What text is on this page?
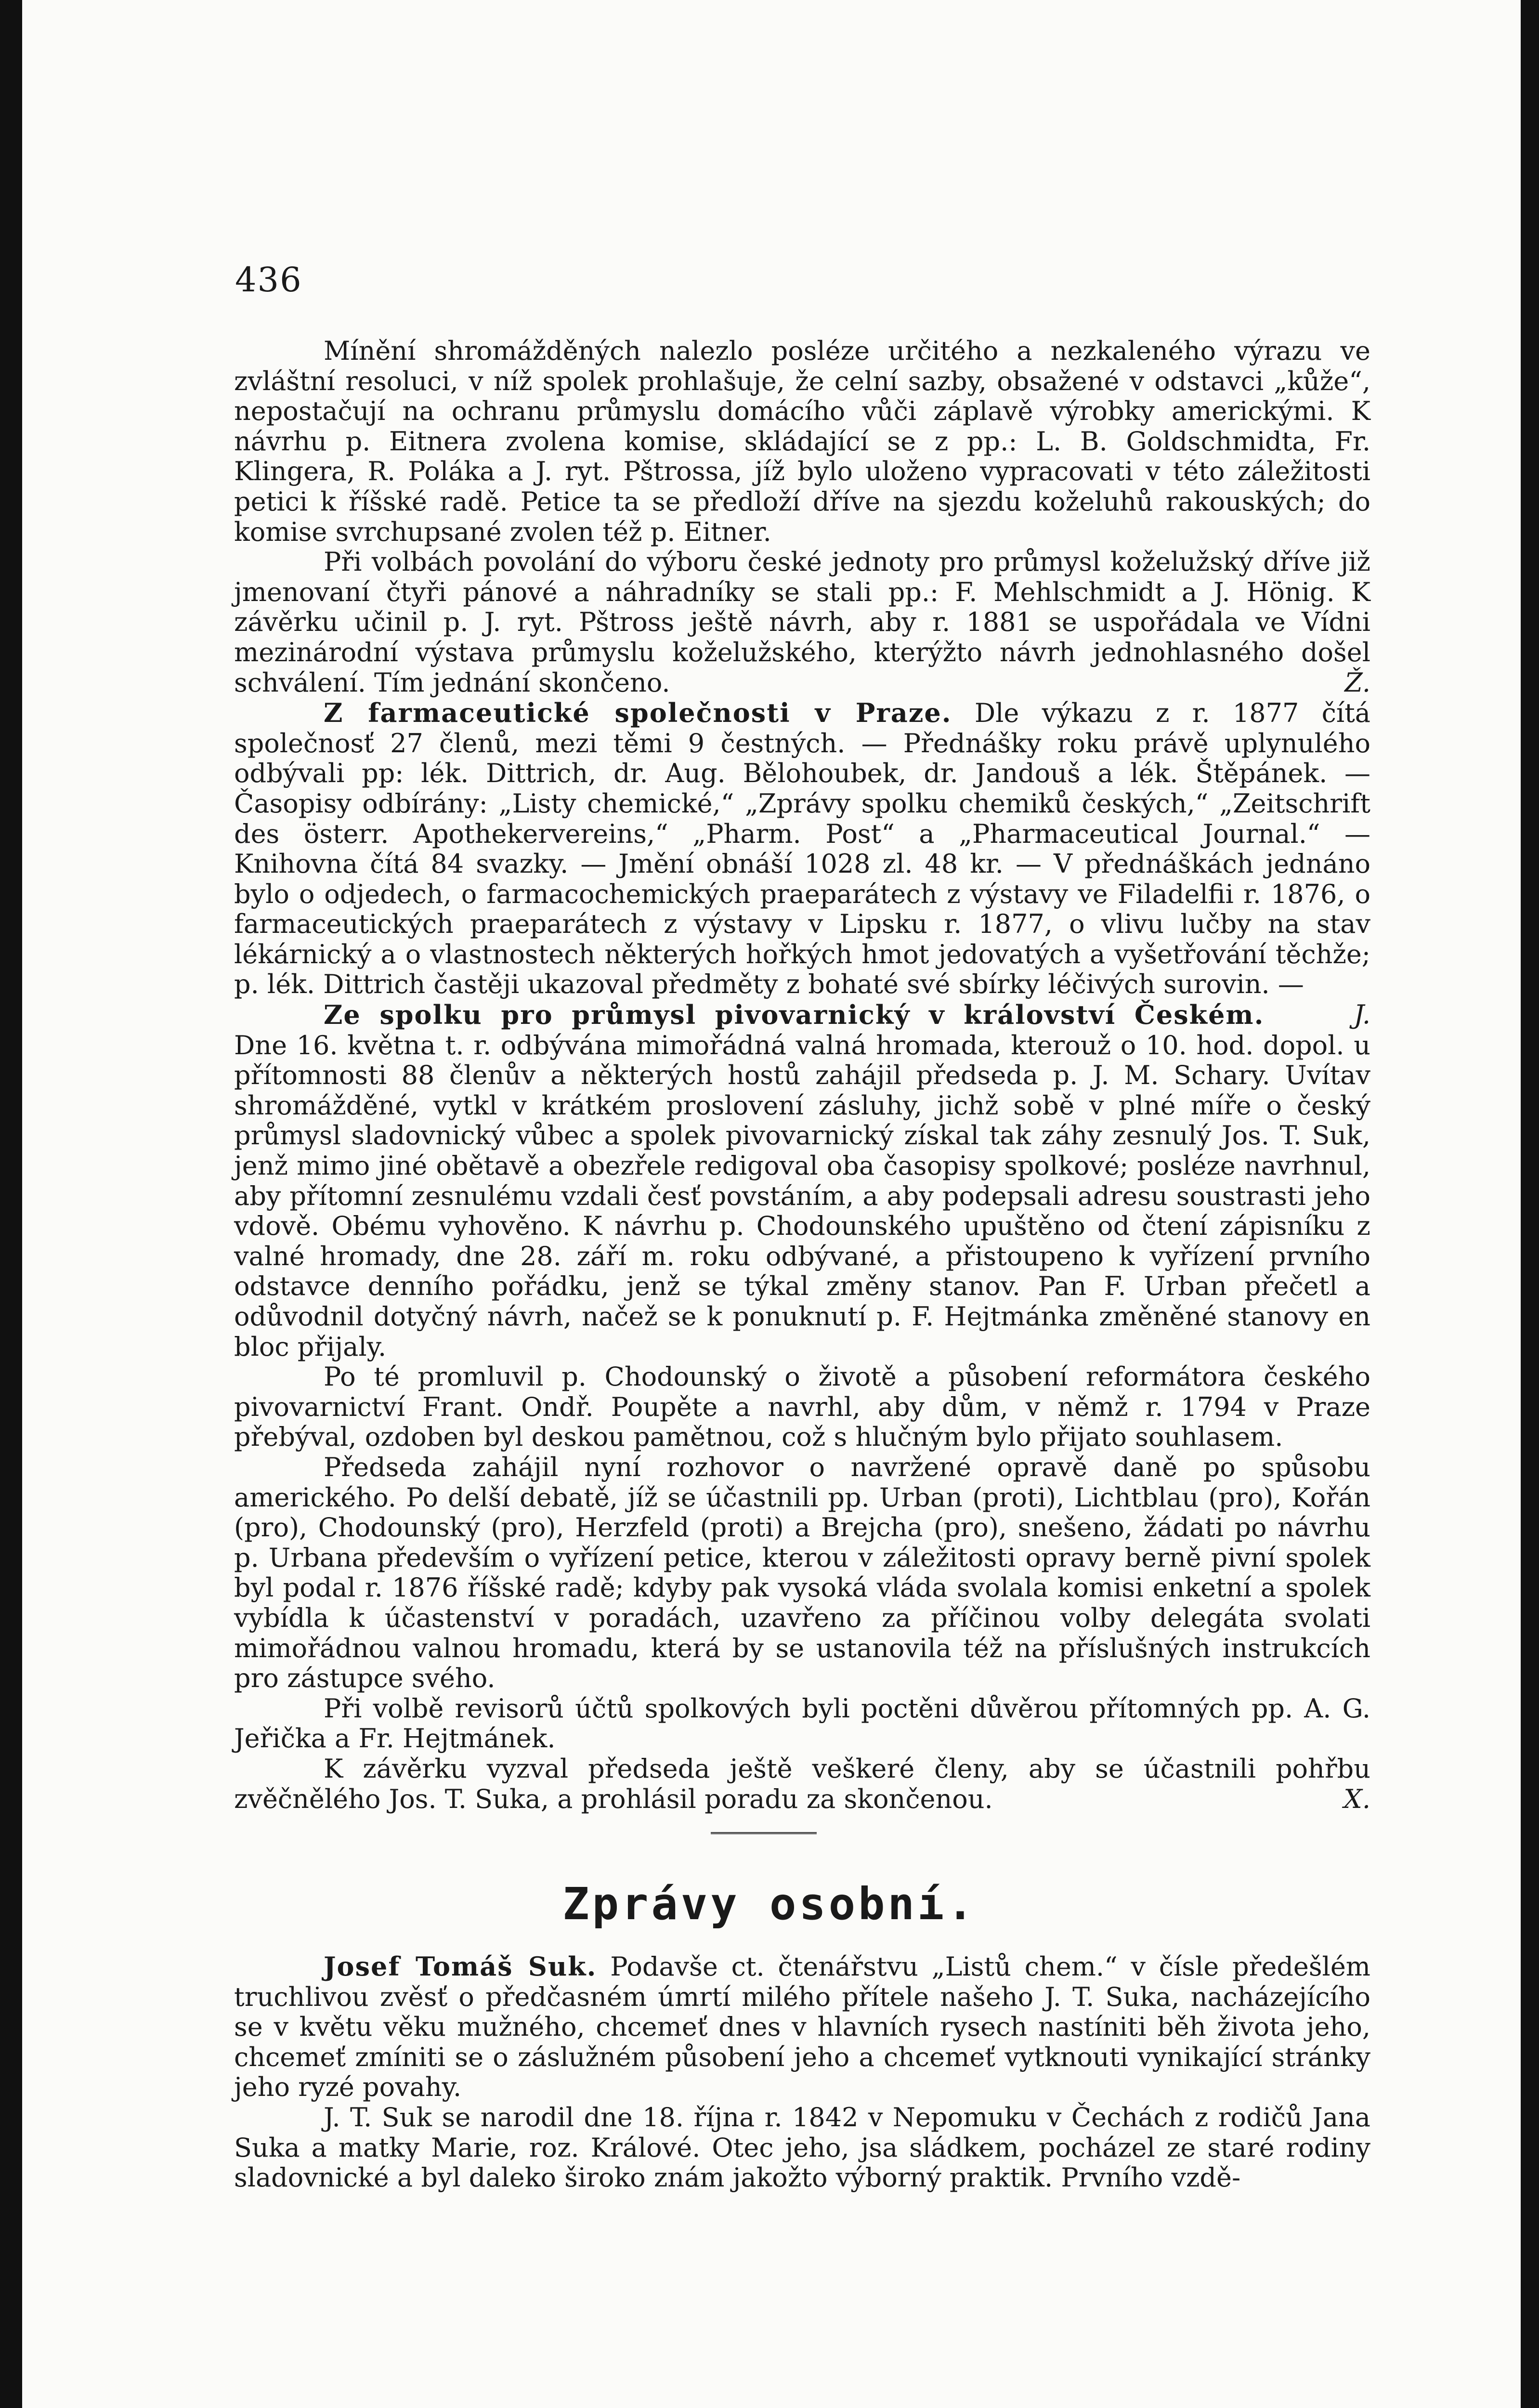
436

Mínění shromážděných nalezlo posléze určitého a nezkaleného výrazu ve zvláštní resoluci, v níž spolek prohlašuje, že celní sazby, obsažené v odstavci „kůže“, nepostačují na ochranu průmyslu domácího vůči záplavě výrobky americkými. K návrhu p. Eitnera zvolena komise, skládající se z pp.: L. B. Goldschmidta, Fr. Klingera, R. Poláka a J. ryt. Pštrossa, jíž bylo uloženo vypracovati v této záležitosti petici k říšské radě. Petice ta se předloží dříve na sjezdu koželuhů rakouských; do komise svrchupsané zvolen též p. Eitner.

Při volbách povolání do výboru české jednoty pro průmysl koželužský dříve již jmenovaní čtyři pánové a náhradníky se stali pp.: F. Mehlschmidt a J. Hönig. K závěrku učinil p. J. ryt. Pštross ještě návrh, aby r. 1881 se uspořádala ve Vídni mezinárodní výstava průmyslu koželužského, kterýžto návrh jednohlasného došel schválení. Tím jednání skončeno.	Ž.

Z farmaceutické společnosti v Praze. Dle výkazu z r. 1877 čítá společnosť 27 členů, mezi těmi 9 čestných. — Přednášky roku právě uplynulého odbývali pp: lék. Dittrich, dr. Aug. Bělohoubek, dr. Jandouš a lék. Štěpánek. — Časopisy odbírány: „Listy chemické,“ „Zprávy spolku chemiků českých,“ „Zeitschrift des österr. Apothekervereins,“ „Pharm. Post“ a „Pharmaceutical Journal.“ — Knihovna čítá 84 svazky. — Jmění obnáší 1028 zl. 48 kr. — V přednáškách jednáno bylo o odjedech, o farmacochemických praeparátech z výstavy ve Filadelfii r. 1876, o farmaceutických praeparátech z výstavy v Lipsku r. 1877, o vlivu lučby na stav lékárnický a o vlastnostech některých hořkých hmot jedovatých a vyšetřování těchže; p. lék. Dittrich častěji ukazoval předměty z bohaté své sbírky léčivých surovin. —
J.

Ze spolku pro průmysl pivovarnický v království Českém. Dne 16. května t. r. odbývána mimořádná valná hromada, kterouž o 10. hod. dopol. u přítomnosti 88 členův a některých hostů zahájil předseda p. J. M. Schary. Uvítav shromážděné, vytkl v krátkém proslovení zásluhy, jichž sobě v plné míře o český průmysl sladovnický vůbec a spolek pivovarnický získal tak záhy zesnulý Jos. T. Suk, jenž mimo jiné obětavě a obezřele redigoval oba časopisy spolkové; posléze navrhnul, aby přítomní zesnulému vzdali česť povstáním, a aby podepsali adresu soustrasti jeho vdově. Obému vyhověno. K návrhu p. Chodounského upuštěno od čtení zápisníku z valné hromady, dne 28. září m. roku odbývané, a přistoupeno k vyřízení prvního odstavce denního pořádku, jenž se týkal změny stanov. Pan F. Urban přečetl a odůvodnil dotyčný návrh, načež se k ponuknutí p. F. Hejtmánka změněné stanovy en bloc přijaly.

Po té promluvil p. Chodounský o životě a působení reformátora českého pivovarnictví Frant. Ondř. Poupěte a navrhl, aby dům, v němž r. 1794 v Praze přebýval, ozdoben byl deskou pamětnou, což s hlučným bylo přijato souhlasem.

Předseda zahájil nyní rozhovor o navržené opravě daně po spůsobu amerického. Po delší debatě, jíž se účastnili pp. Urban (proti), Lichtblau (pro), Kořán (pro), Chodounský (pro), Herzfeld (proti) a Brejcha (pro), snešeno, žádati po návrhu p. Urbana především o vyřízení petice, kterou v záležitosti opravy berně pivní spolek byl podal r. 1876 říšské radě; kdyby pak vysoká vláda svolala komisi enketní a spolek vybídla k účastenství v poradách, uzavřeno za příčinou volby delegáta svolati mimořádnou valnou hromadu, která by se ustanovila též na příslušných instrukcích pro zástupce svého.

Při volbě revisorů účtů spolkových byli poctěni důvěrou přítomných pp. A. G. Jeřička a Fr. Hejtmánek.

K závěrku vyzval předseda ještě veškeré členy, aby se účastnili pohřbu zvěčnělého Jos. T. Suka, a prohlásil poradu za skončenou.	X.

Zprávy osobní.

Josef Tomáš Suk. Podavše ct. čtenářstvu „Listů chem.“ v čísle předešlém truchlivou zvěsť o předčasném úmrtí milého přítele našeho J. T. Suka, nacházejícího se v květu věku mužného, chcemeť dnes v hlavních rysech nastíniti běh života jeho, chcemeť zmíniti se o záslužném působení jeho a chcemeť vytknouti vynikající stránky jeho ryzé povahy.

J. T. Suk se narodil dne 18. října r. 1842 v Nepomuku v Čechách z rodičů Jana Suka a matky Marie, roz. Králové. Otec jeho, jsa sládkem, pocházel ze staré rodiny sladovnické a byl daleko široko znám jakožto výborný praktik. Prvního vzdě-
